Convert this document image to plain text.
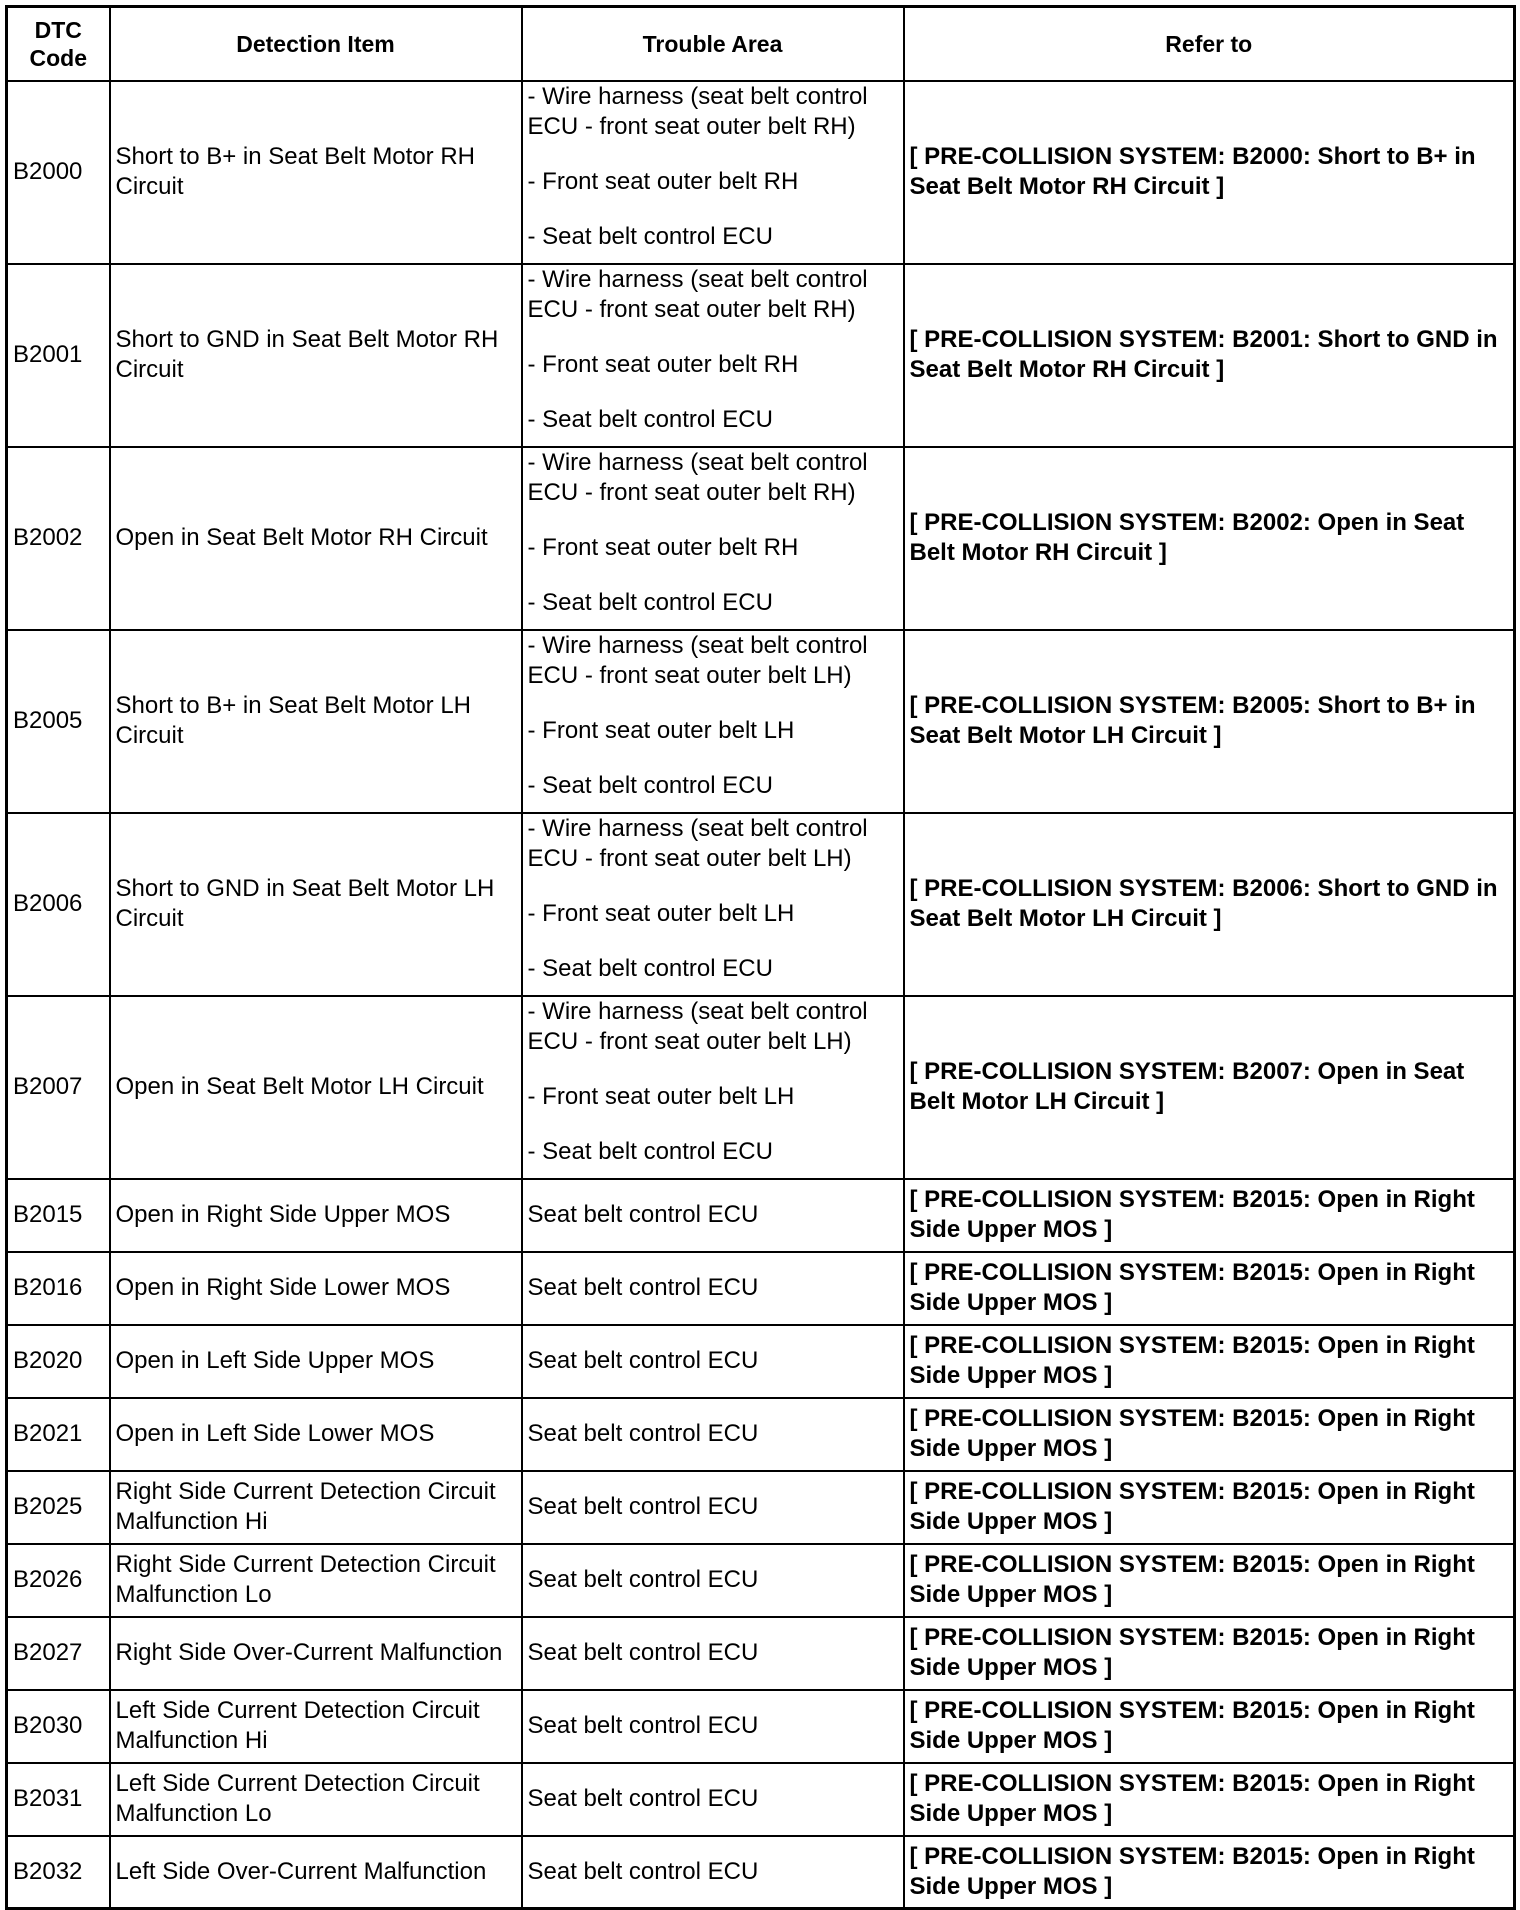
DTC Code	Detection Item	Trouble Area	Refer to
B2000	Short to B+ in Seat Belt Motor RH Circuit	- Wire harness (seat belt control ECU - front seat outer belt RH)
- Front seat outer belt RH
- Seat belt control ECU	[ PRE-COLLISION SYSTEM: B2000: Short to B+ in Seat Belt Motor RH Circuit ]
B2001	Short to GND in Seat Belt Motor RH Circuit	- Wire harness (seat belt control ECU - front seat outer belt RH)
- Front seat outer belt RH
- Seat belt control ECU	[ PRE-COLLISION SYSTEM: B2001: Short to GND in Seat Belt Motor RH Circuit ]
B2002	Open in Seat Belt Motor RH Circuit	- Wire harness (seat belt control ECU - front seat outer belt RH)
- Front seat outer belt RH
- Seat belt control ECU	[ PRE-COLLISION SYSTEM: B2002: Open in Seat Belt Motor RH Circuit ]
B2005	Short to B+ in Seat Belt Motor LH Circuit	- Wire harness (seat belt control ECU - front seat outer belt LH)
- Front seat outer belt LH
- Seat belt control ECU	[ PRE-COLLISION SYSTEM: B2005: Short to B+ in Seat Belt Motor LH Circuit ]
B2006	Short to GND in Seat Belt Motor LH Circuit	- Wire harness (seat belt control ECU - front seat outer belt LH)
- Front seat outer belt LH
- Seat belt control ECU	[ PRE-COLLISION SYSTEM: B2006: Short to GND in Seat Belt Motor LH Circuit ]
B2007	Open in Seat Belt Motor LH Circuit	- Wire harness (seat belt control ECU - front seat outer belt LH)
- Front seat outer belt LH
- Seat belt control ECU	[ PRE-COLLISION SYSTEM: B2007: Open in Seat Belt Motor LH Circuit ]
B2015	Open in Right Side Upper MOS	Seat belt control ECU	[ PRE-COLLISION SYSTEM: B2015: Open in Right Side Upper MOS ]
B2016	Open in Right Side Lower MOS	Seat belt control ECU	[ PRE-COLLISION SYSTEM: B2015: Open in Right Side Upper MOS ]
B2020	Open in Left Side Upper MOS	Seat belt control ECU	[ PRE-COLLISION SYSTEM: B2015: Open in Right Side Upper MOS ]
B2021	Open in Left Side Lower MOS	Seat belt control ECU	[ PRE-COLLISION SYSTEM: B2015: Open in Right Side Upper MOS ]
B2025	Right Side Current Detection Circuit Malfunction Hi	Seat belt control ECU	[ PRE-COLLISION SYSTEM: B2015: Open in Right Side Upper MOS ]
B2026	Right Side Current Detection Circuit Malfunction Lo	Seat belt control ECU	[ PRE-COLLISION SYSTEM: B2015: Open in Right Side Upper MOS ]
B2027	Right Side Over-Current Malfunction	Seat belt control ECU	[ PRE-COLLISION SYSTEM: B2015: Open in Right Side Upper MOS ]
B2030	Left Side Current Detection Circuit Malfunction Hi	Seat belt control ECU	[ PRE-COLLISION SYSTEM: B2015: Open in Right Side Upper MOS ]
B2031	Left Side Current Detection Circuit Malfunction Lo	Seat belt control ECU	[ PRE-COLLISION SYSTEM: B2015: Open in Right Side Upper MOS ]
B2032	Left Side Over-Current Malfunction	Seat belt control ECU	[ PRE-COLLISION SYSTEM: B2015: Open in Right Side Upper MOS ]
